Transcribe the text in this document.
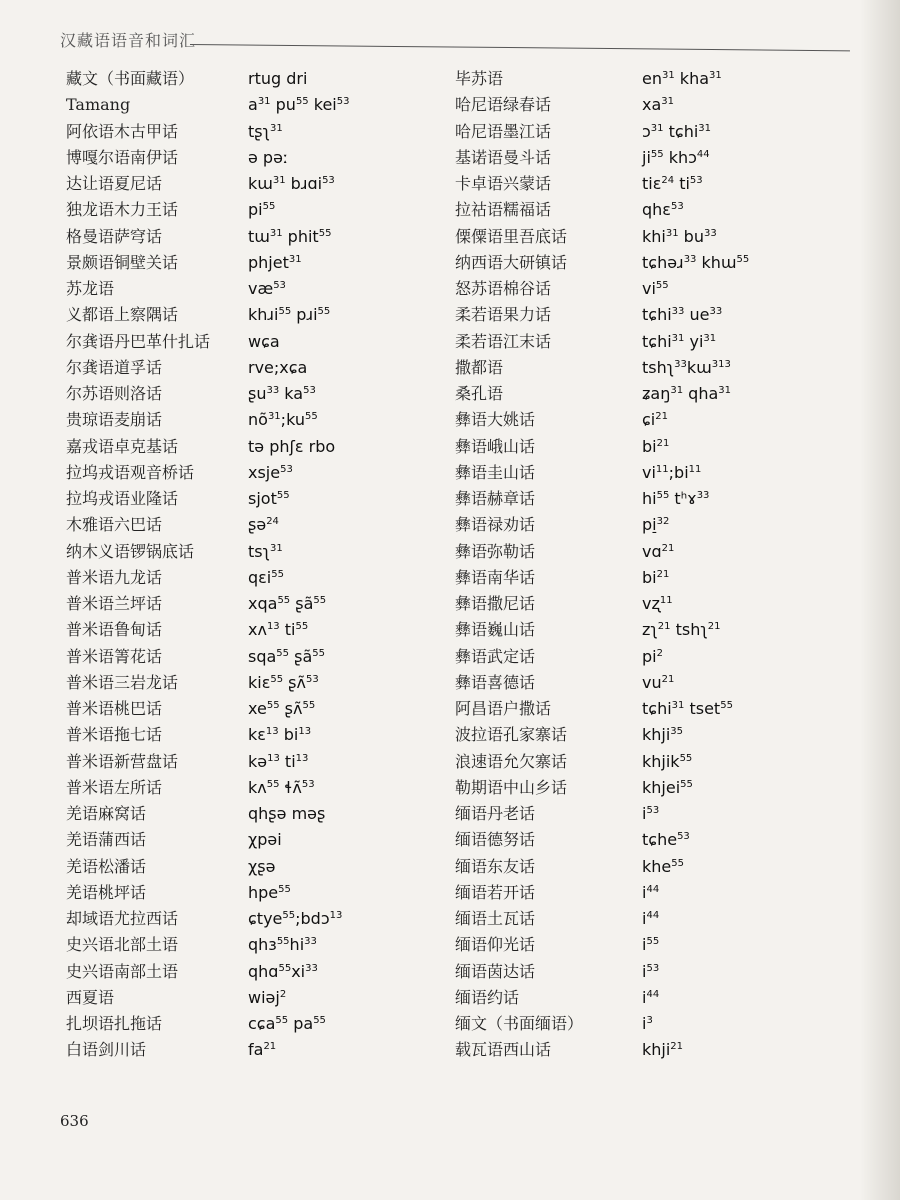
汉藏语语音和词汇
藏文（书面藏语）	rtug dri
Tamang	$a^{31}$ $pu^{55}$ kei$^{53}$
阿依语木古甲话	tʂʅ$^{31}$
博嘎尔语南伊话	ə pəː
达让语夏尼话	kɯ$^{31}$ bɹɑi$^{53}$
独龙语木力王话	$pi^{55}$
格曼语萨穹话	tɯ$^{31}$ phit$^{55}$
景颇语铜壁关话	phjet$^{31}$
苏龙语	$væ^{53}$
义都语上察隅话	khɹi$^{55}$ pɹi$^{55}$
尔龚语丹巴革什扎话 wɕa
尔龚语道孚话	rve;xɕa
尔苏语则洛话	ʂu$^{33}$ $ka^{53}$
贵琼语麦崩话	$nõ^{31};ku^{55}$
嘉戎语卓克基话	tə phʃɛ rbo
拉坞戎语观音桥话	xsje$^{53}$
拉坞戎语业隆话	sjot$^{55}$
木雅语六巴话	ʂə$^{24}$
纳木义语锣锅底话	tsʅ$^{31}$
普米语九龙话	qɛi$^{55}$
普米语兰坪话	xqa$^{55}$ ʂã$^{55}$
普米语鲁甸话	xʌ$^{13}$ $ti^{55}$
普米语箐花话	sqa$^{55}$ ʂã$^{55}$
普米语三岩龙话	kiɛ$^{55}$ ʂʌ̃$^{53}$
普米语桃巴话	$xe^{55}$ ʂʌ̃$^{55}$
普米语拖七话	kɛ$^{13}$ $bi^{13}$
普米语新营盘话	kə$^{13}$ $ti^{13}$
普米语左所话	kʌ$^{55}$ ɬʌ̃$^{53}$
羌语麻窝话	qhʂə məʂ
羌语蒲西话	χpəi
羌语松潘话	χʂə
羌语桃坪话	hpe$^{55}$
却域语尤拉西话	ɕtye$^{55}$;bdɔ$^{13}$
史兴语北部土语	$qhɜ^{55}hi^{33}$
史兴语南部土语	$qhɑ^{55}xi^{33}$
西夏语	wiəj$^2$
扎坝语扎拖话	cɕa$^{55}$ $pa^{55}$
白语剑川话	$fa^{21}$
毕苏语	$en^{31}$ kha$^{31}$
哈尼语绿春话	$xa^{31}$
哈尼语墨江话	ɔ$^{31}$ tɕhi$^{31}$
基诺语曼斗话	$ji^{55}$ khɔ$^{44}$
卡卓语兴蒙话	tiɛ$^{24}$ $ti^{53}$
拉祜语糯福话	qhɛ$^{53}$
傈僳语里吾底话	khi$^{31}$ $bu^{33}$
纳西语大研镇话	tɕhəɹ$^{33}$ khɯ$^{55}$
怒苏语棉谷话	$vi^{55}$
柔若语果力话	tɕhi$^{33}$ $ue^{33}$
柔若语江末话	tɕhi$^{31}$ $yi^{31}$
撒都语	tshʅ$^{33}$kɯ$^{313}$
桑孔语	ʑaŋ$^{31}$ qha$^{31}$
彝语大姚话	ɕi$^{21}$
彝语峨山话	$bi^{21}$
彝语圭山话	$vi^{11};bi^{11}$
彝语赫章话	$hi^{55}$ tʰɤ$^{33}$
彝语禄劝话	pi̠$^{32}$
彝语弥勒话	vɑ$^{21}$
彝语南华话	$bi^{21}$
彝语撒尼话	vʐ$^{11}$
彝语巍山话	zʅ$^{21}$ tshʅ$^{21}$
彝语武定话	$pi^2$
彝语喜德话	$vu^{21}$
阿昌语户撒话	tɕhi$^{31}$ tset$^{55}$
波拉语孔家寨话	khji$^{35}$
浪速语允欠寨话	khjik$^{55}$
勒期语中山乡话	khjei$^{55}$
缅语丹老话	$i^{53}$
缅语德努话	tɕhe$^{53}$
缅语东友话	khe$^{55}$
缅语若开话	$i^{44}$
缅语土瓦话	$i^{44}$
缅语仰光话	$i^{55}$
缅语茵达话	$i^{53}$
缅语约话	$i^{44}$
缅文（书面缅语）	$i^3$
载瓦语西山话	khji$^{21}$
636
